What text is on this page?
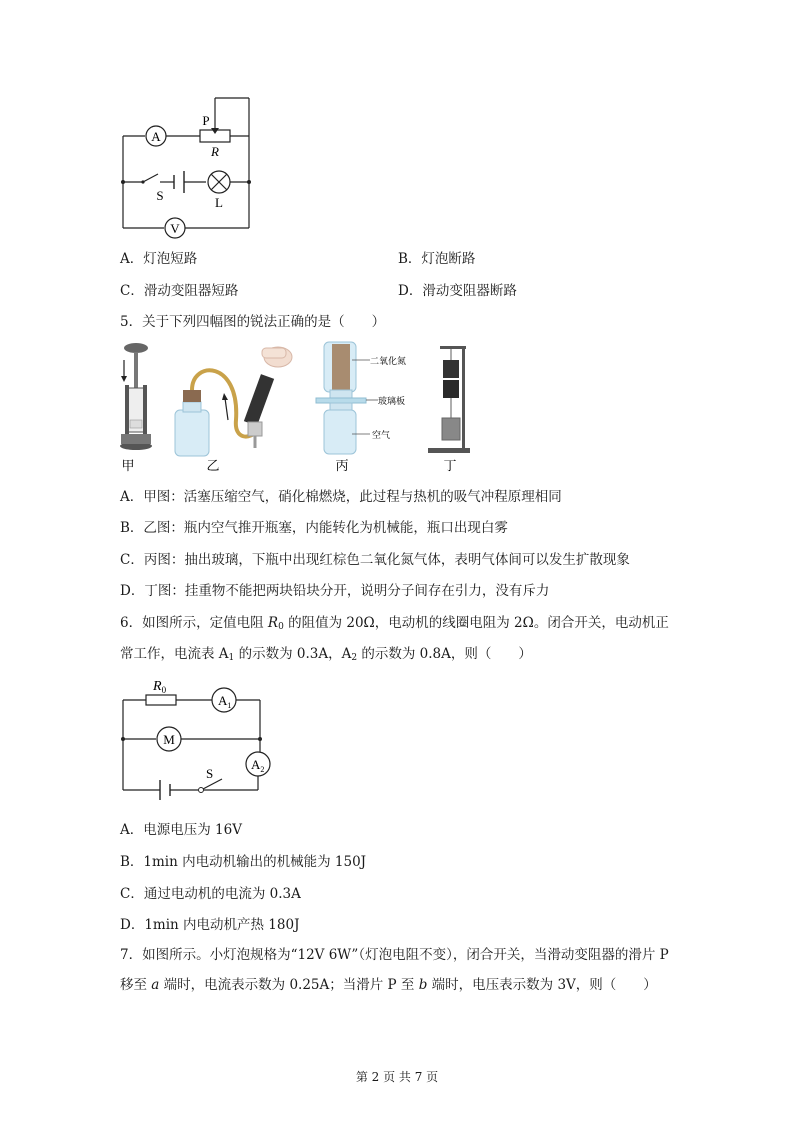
A
P
R
S	L
V
A．灯泡短路	B．灯泡断路
C．滑动变阻器短路	D．滑动变阻器断路
5．关于下列四幅图的锐法正确的是（　　）
二氧化氮
玻璃板
空气
甲	乙	丙	丁
A．甲图：活塞压缩空气，硝化棉燃烧，此过程与热机的吸气冲程原理相同
B．乙图：瓶内空气推开瓶塞，内能转化为机械能，瓶口出现白雾
C．丙图：抽出玻璃，下瓶中出现红棕色二氧化氮气体，表明气体间可以发生扩散现象
D．丁图：挂重物不能把两块铅块分开，说明分子间存在引力，没有斥力
6．如图所示，定值电阻 $R_0$ 的阻值为 20Ω，电动机的线圈电阻为 2Ω。闭合开关，电动机正
常工作，电流表 $A_1$ 的示数为 0.3A，$A_2$ 的示数为 0.8A，则（　　）
$R_0$
$A_1$
M
$A_2$
S
A．电源电压为 16V
B．1min 内电动机输出的机械能为 150J
C．通过电动机的电流为 0.3A
D．1min 内电动机产热 180J
7．如图所示。小灯泡规格为“12V 6W”（灯泡电阻不变），闭合开关，当滑动变阻器的滑片 P
移至 a 端时，电流表示数为 0.25A；当滑片 P 至 b 端时，电压表示数为 3V，则（　　）
第 2 页 共 7 页
